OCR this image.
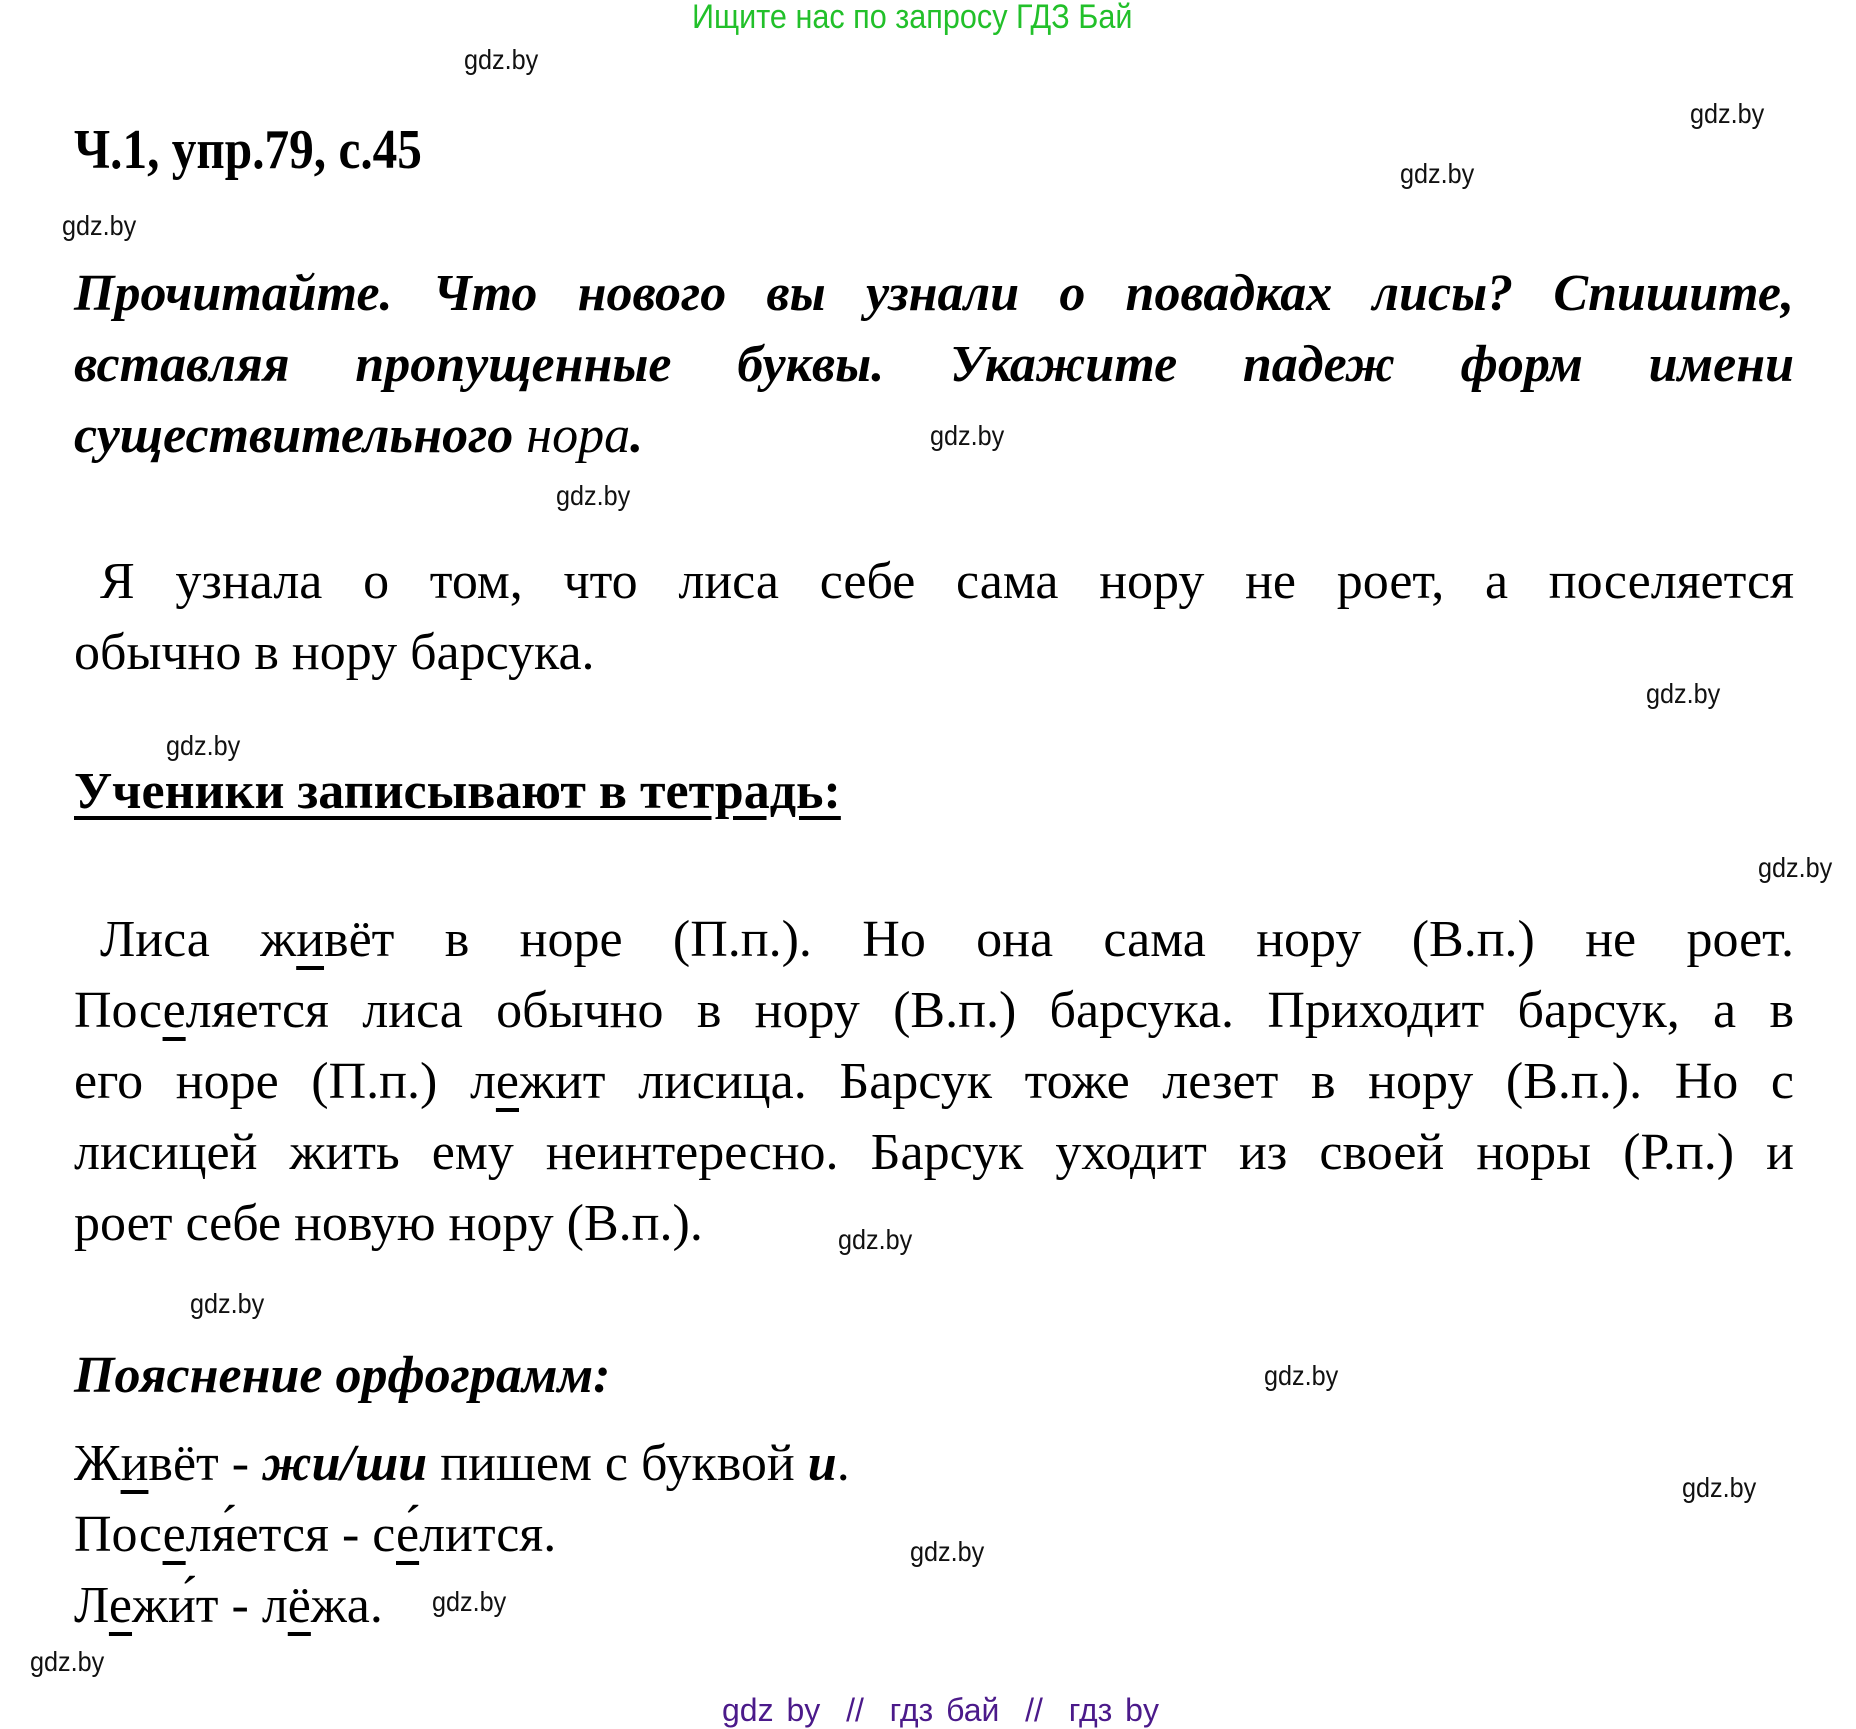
Ищите нас по запросу ГДЗ Бай
gdz.by
gdz.by
gdz.by
gdz.by
gdz.by
gdz.by
gdz.by
gdz.by
gdz.by
gdz.by
gdz.by
gdz.by
gdz.by
gdz.by
gdz.by
gdz.by
Ч.1, упр.79, с.45
Прочитайте. Что нового вы узнали о повадках лисы? Спишите,
вставляя пропущенные буквы. Укажите падеж форм имени
существительного нора.
Я узнала о том, что лиса себе сама нору не роет, а поселяется
обычно в нору барсука.
Ученики записывают в тетрадь:
Лиса живёт в норе (П.п.). Но она сама нору (В.п.) не роет.
Поселяется лиса обычно в нору (В.п.) барсука. Приходит барсук, а в
его норе (П.п.) лежит лисица. Барсук тоже лезет в нору (В.п.). Но с
лисицей жить ему неинтересно. Барсук уходит из своей норы (Р.п.) и
роет себе новую нору (В.п.).
Пояснение орфограмм:
Живёт - жи/ши пишем с буквой и.
Поселя́ется - се́лится.
Лежи́т - лёжа.
gdz by  //  гдз бай  //  гдз by
